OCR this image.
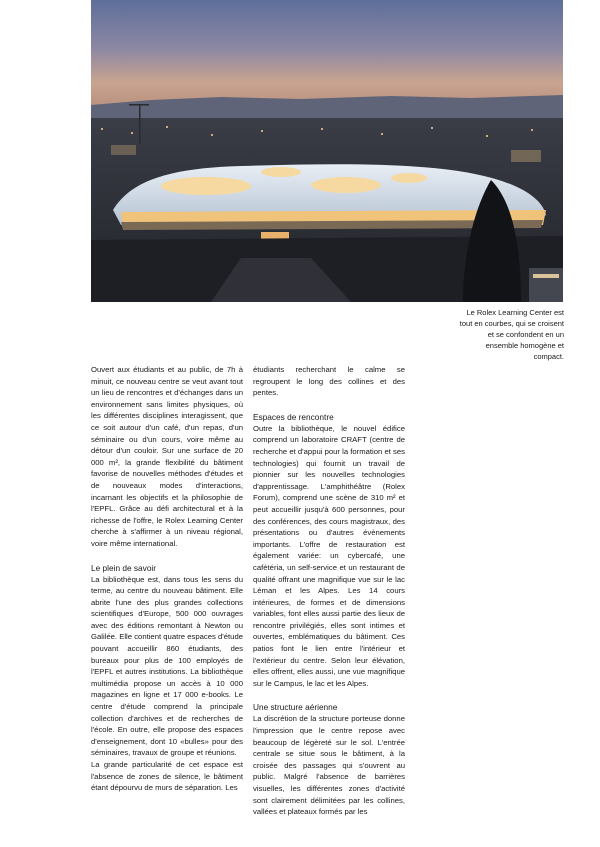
Le Rolex Learning Center est tout en courbes, qui se croisent et se confondent en un ensemble homogène et compact.

Ouvert aux étudiants et au public, de 7h à minuit, ce nouveau centre se veut avant tout un lieu de rencontres et d'échanges dans un environnement sans limites physiques, où les différentes disciplines interagissent, que ce soit autour d'un café, d'un repas, d'un séminaire ou d'un cours, voire même au détour d'un couloir. Sur une surface de 20 000 m², la grande flexibilité du bâtiment favorise de nouvelles méthodes d'études et de nouveaux modes d'interactions, incarnant les objectifs et la philosophie de l'EPFL. Grâce au défi architectural et à la richesse de l'offre, le Rolex Learning Center cherche à s'affirmer à un niveau régional, voire même international.

Le plein de savoir

La bibliothèque est, dans tous les sens du terme, au centre du nouveau bâtiment. Elle abrite l'une des plus grandes collections scientifiques d'Europe, 500 000 ouvrages avec des éditions remontant à Newton ou Galilée. Elle contient quatre espaces d'étude pouvant accueillir 860 étudiants, des bureaux pour plus de 100 employés de l'EPFL et autres institutions. La bibliothèque multimédia propose un accès à 10 000 magazines en ligne et 17 000 e-books. Le centre d'étude comprend la principale collection d'archives et de recherches de l'école. En outre, elle propose des espaces d'enseignement, dont 10 «bulles» pour des séminaires, travaux de groupe et réunions.

La grande particularité de cet espace est l'absence de zones de silence, le bâtiment étant dépourvu de murs de séparation. Les

étudiants recherchant le calme se regroupent le long des collines et des pentes.

Espaces de rencontre

Outre la bibliothèque, le nouvel édifice comprend un laboratoire CRAFT (centre de recherche et d'appui pour la formation et ses technologies) qui fournit un travail de pionnier sur les nouvelles technologies d'apprentissage. L'amphithéâtre (Rolex Forum), comprend une scène de 310 m² et peut accueillir jusqu'à 600 personnes, pour des conférences, des cours magistraux, des présentations ou d'autres évènements importants. L'offre de restauration est également variée: un cybercafé, une cafétéria, un self-service et un restaurant de qualité offrant une magnifique vue sur le lac Léman et les Alpes. Les 14 cours intérieures, de formes et de dimensions variables, font elles aussi partie des lieux de rencontre privilégiés, elles sont intimes et ouvertes, emblématiques du bâtiment. Ces patios font le lien entre l'intérieur et l'extérieur du centre. Selon leur élévation, elles offrent, elles aussi, une vue magnifique sur le Campus, le lac et les Alpes.

Une structure aérienne

La discrétion de la structure porteuse donne l'impression que le centre repose avec beaucoup de légèreté sur le sol. L'entrée centrale se situe sous le bâtiment, à la croisée des passages qui s'ouvrent au public. Malgré l'absence de barrières visuelles, les différentes zones d'activité sont clairement délimitées par les collines, vallées et plateaux formés par les
